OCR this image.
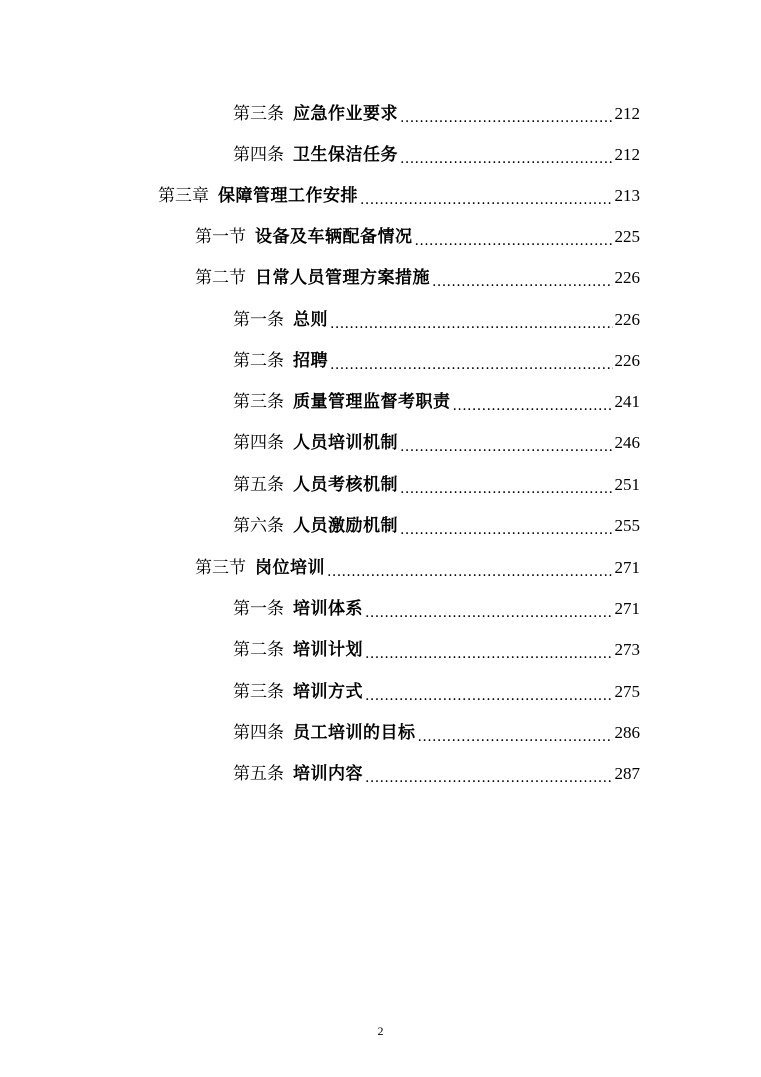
第三条 应急作业要求 .....	212
第四条 卫生保洁任务 .....	212
第三章 保障管理工作安排 .....	213
第一节 设备及车辆配备情况 .....	225
第二节 日常人员管理方案措施 .....	226
第一条 总则 .....	226
第二条 招聘 .....	226
第三条 质量管理监督考职责 .....	241
第四条 人员培训机制 .....	246
第五条 人员考核机制 .....	251
第六条 人员激励机制 .....	255
第三节 岗位培训 .....	271
第一条 培训体系 .....	271
第二条 培训计划 .....	273
第三条 培训方式 .....	275
第四条 员工培训的目标 .....	286
第五条 培训内容 .....	287
2
